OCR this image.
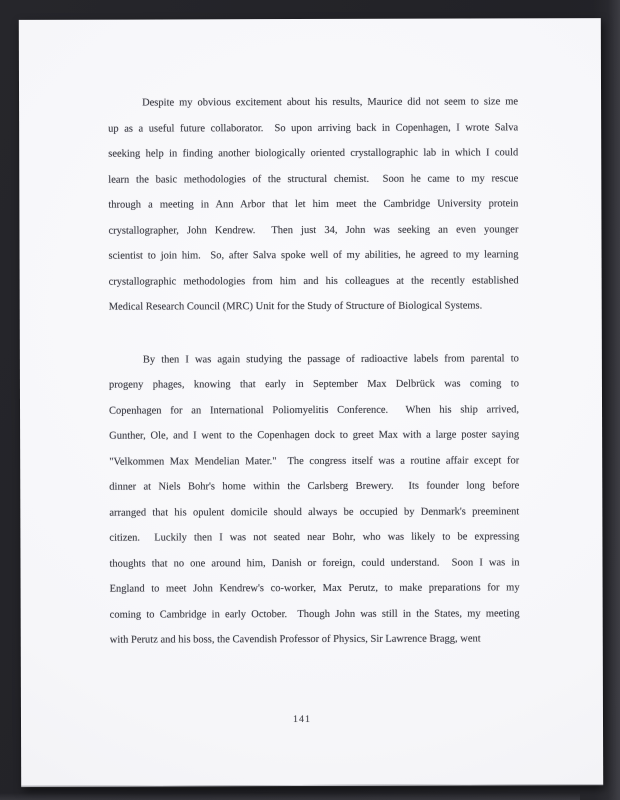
Despite my obvious excitement about his results, Maurice did not seem to size me
up as a useful future collaborator.  So upon arriving back in Copenhagen, I wrote Salva
seeking help in finding another biologically oriented crystallographic lab in which I could
learn the basic methodologies of the structural chemist.  Soon he came to my rescue
through a meeting in Ann Arbor that let him meet the Cambridge University protein
crystallographer, John Kendrew.  Then just 34, John was seeking an even younger
scientist to join him.  So, after Salva spoke well of my abilities, he agreed to my learning
crystallographic methodologies from him and his colleagues at the recently established
Medical Research Council (MRC) Unit for the Study of Structure of Biological Systems.
By then I was again studying the passage of radioactive labels from parental to
progeny phages, knowing that early in September Max Delbrück was coming to
Copenhagen for an International Poliomyelitis Conference.  When his ship arrived,
Gunther, Ole, and I went to the Copenhagen dock to greet Max with a large poster saying
"Velkommen Max Mendelian Mater."  The congress itself was a routine affair except for
dinner at Niels Bohr's home within the Carlsberg Brewery.  Its founder long before
arranged that his opulent domicile should always be occupied by Denmark's preeminent
citizen.  Luckily then I was not seated near Bohr, who was likely to be expressing
thoughts that no one around him, Danish or foreign, could understand.  Soon I was in
England to meet John Kendrew's co-worker, Max Perutz, to make preparations for my
coming to Cambridge in early October.  Though John was still in the States, my meeting
with Perutz and his boss, the Cavendish Professor of Physics, Sir Lawrence Bragg, went
141
